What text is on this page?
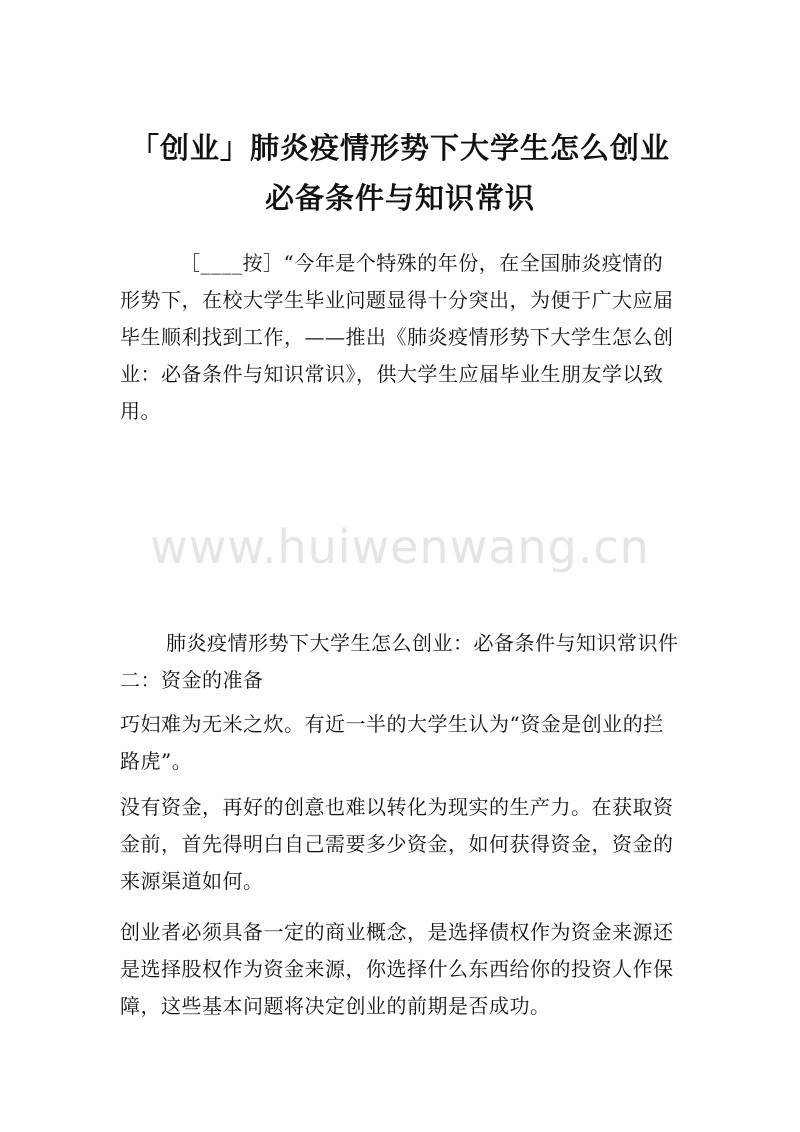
「创业」肺炎疫情形势下大学生怎么创业
必备条件与知识常识

［____按］“今年是个特殊的年份，在全国肺炎疫情的形势下，在校大学生毕业问题显得十分突出，为便于广大应届毕生顺利找到工作，——推出《肺炎疫情形势下大学生怎么创业：必备条件与知识常识》，供大学生应届毕业生朋友学以致用。

www.huiwenwang.cn

肺炎疫情形势下大学生怎么创业：必备条件与知识常识件二：资金的准备

巧妇难为无米之炊。有近一半的大学生认为“资金是创业的拦路虎”。

没有资金，再好的创意也难以转化为现实的生产力。在获取资金前，首先得明白自己需要多少资金，如何获得资金，资金的来源渠道如何。

创业者必须具备一定的商业概念，是选择债权作为资金来源还是选择股权作为资金来源，你选择什么东西给你的投资人作保障，这些基本问题将决定创业的前期是否成功。
